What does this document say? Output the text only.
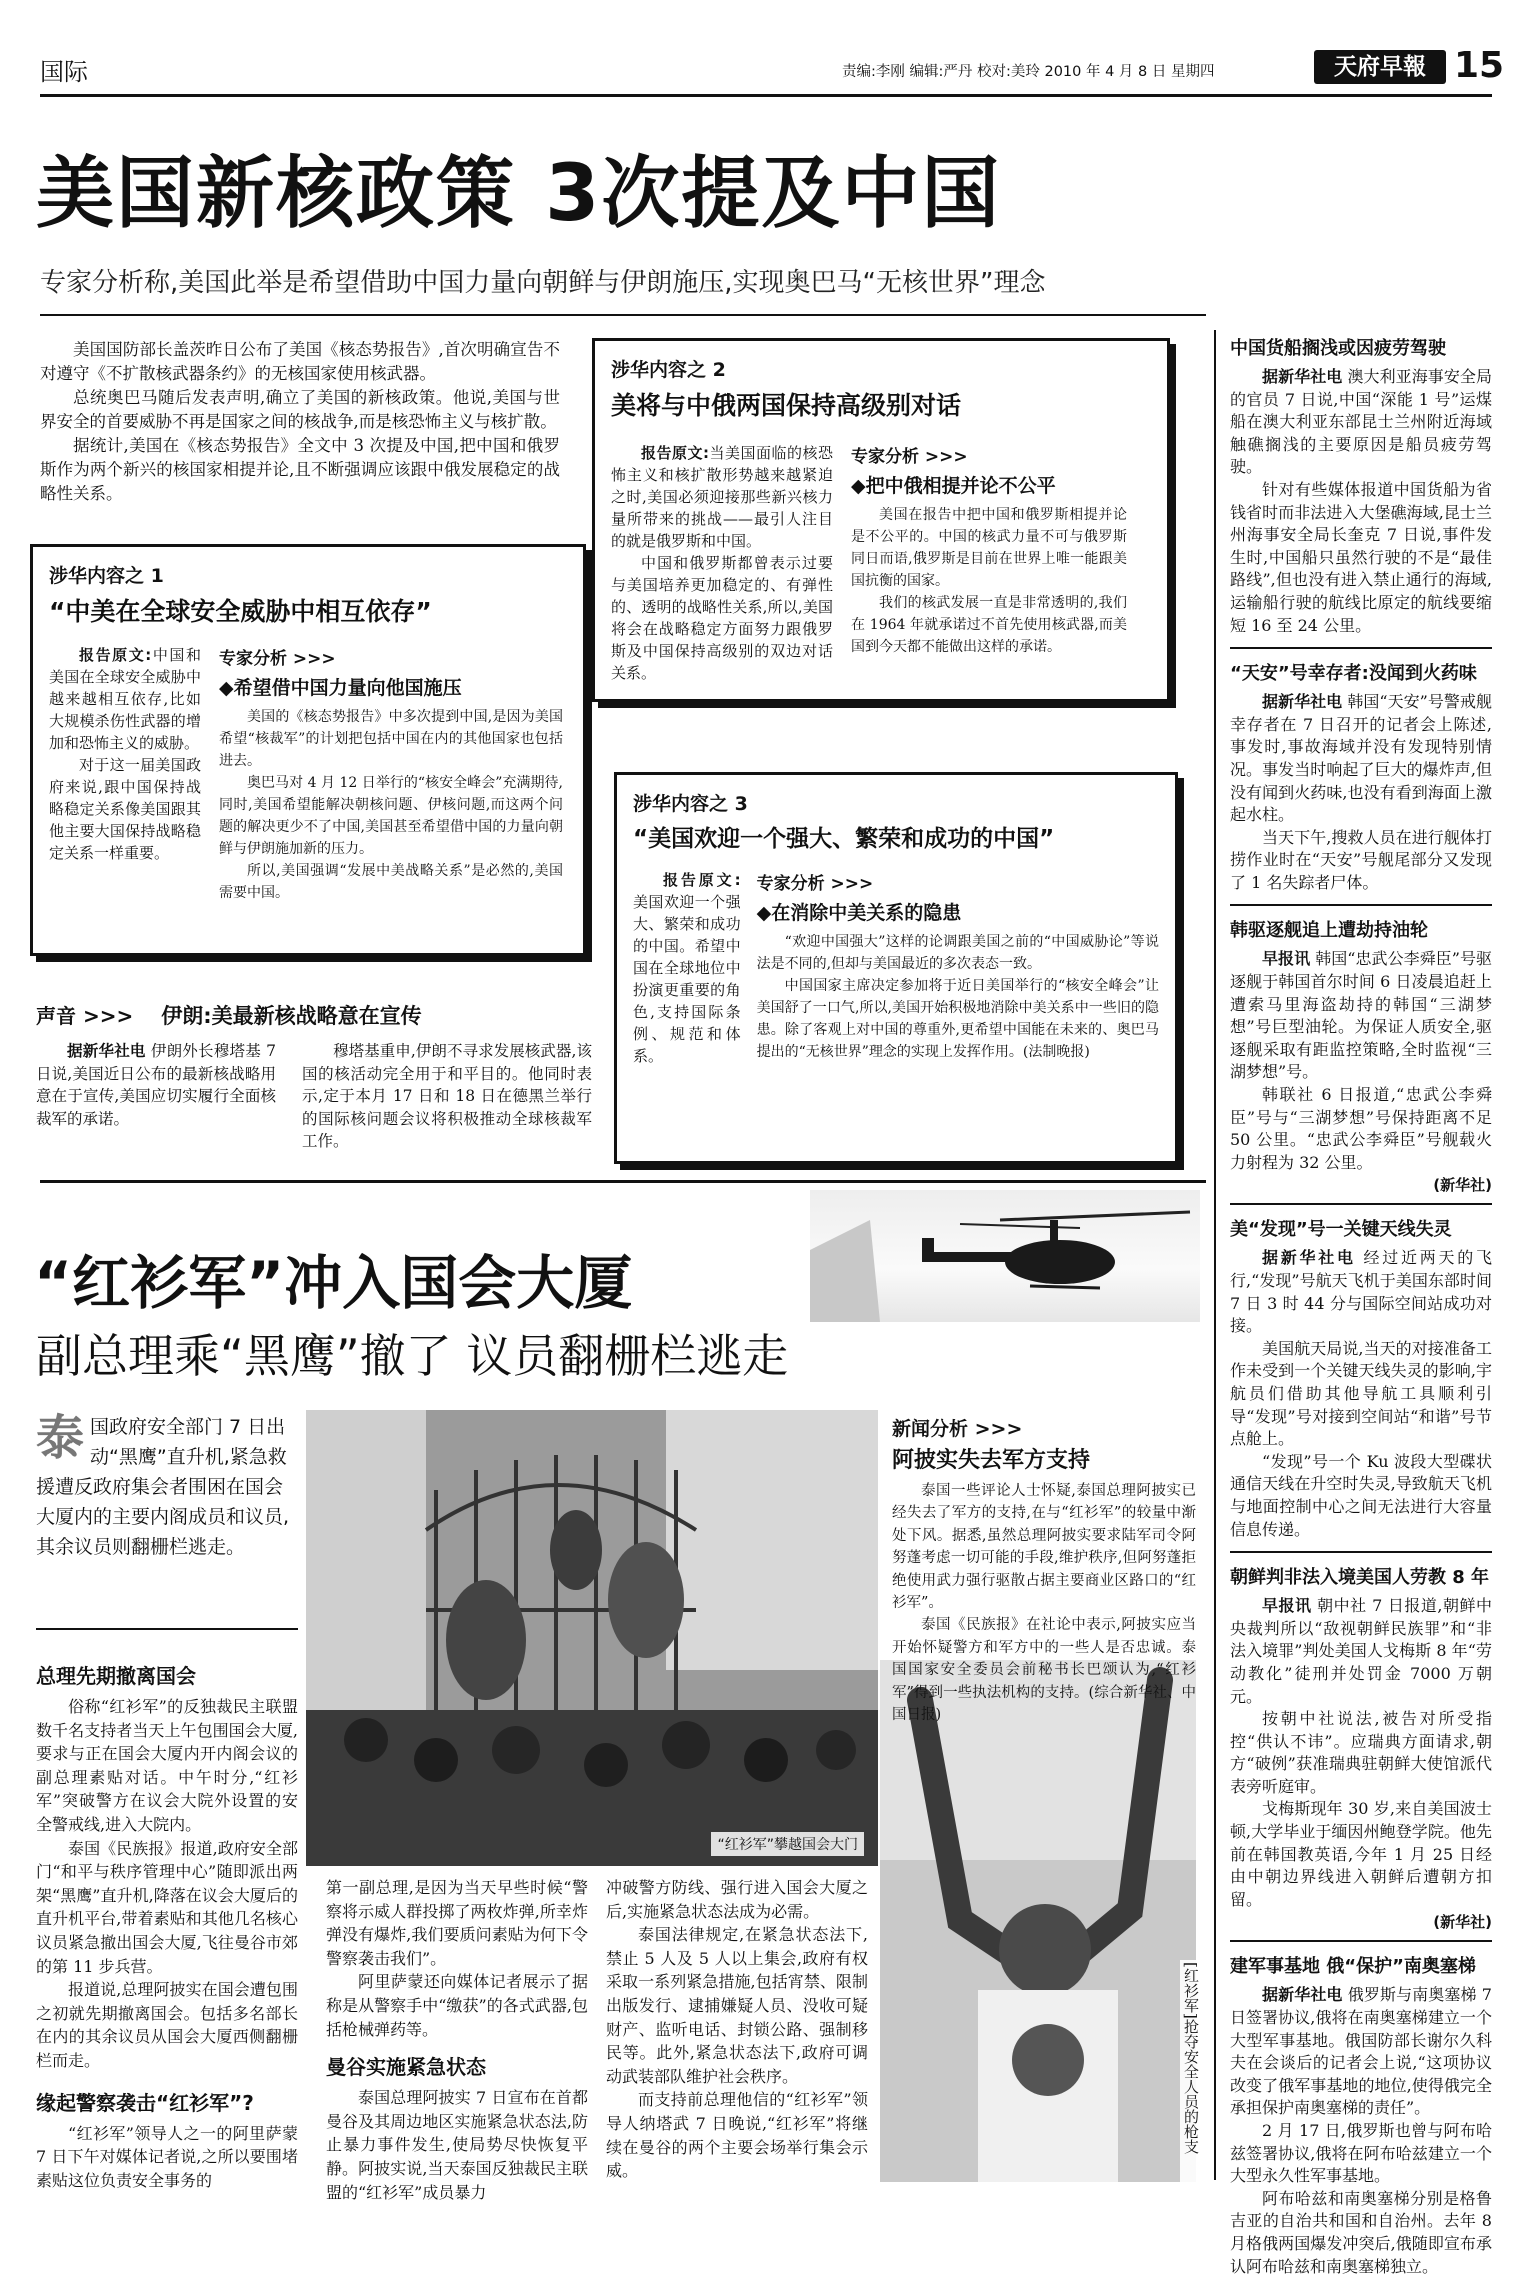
国际	责编:李刚 编辑:严丹 校对:美玲 2010 年 4 月 8 日 星期四	天府早報 15
美国新核政策 3次提及中国
专家分析称,美国此举是希望借助中国力量向朝鲜与伊朗施压,实现奥巴马“无核世界”理念

美国国防部长盖茨昨日公布了美国《核态势报告》,首次明确宣告不对遵守《不扩散核武器条约》的无核国家使用核武器。

总统奥巴马随后发表声明,确立了美国的新核政策。他说,美国与世界安全的首要威胁不再是国家之间的核战争,而是核恐怖主义与核扩散。

据统计,美国在《核态势报告》全文中 3 次提及中国,把中国和俄罗斯作为两个新兴的核国家相提并论,且不断强调应该跟中俄发展稳定的战略性关系。

涉华内容之 2
美将与中俄两国保持高级别对话

报告原文:当美国面临的核恐怖主义和核扩散形势越来越紧迫之时,美国必须迎接那些新兴核力量所带来的挑战——最引人注目的就是俄罗斯和中国。

中国和俄罗斯都曾表示过要与美国培养更加稳定的、有弹性的、透明的战略性关系,所以,美国将会在战略稳定方面努力跟俄罗斯及中国保持高级别的双边对话关系。

专家分析 >>>
◆把中俄相提并论不公平

美国在报告中把中国和俄罗斯相提并论是不公平的。中国的核武力量不可与俄罗斯同日而语,俄罗斯是目前在世界上唯一能跟美国抗衡的国家。

我们的核武发展一直是非常透明的,我们在 1964 年就承诺过不首先使用核武器,而美国到今天都不能做出这样的承诺。

涉华内容之 1
“中美在全球安全威胁中相互依存”

报告原文:中国和美国在全球安全威胁中越来越相互依存,比如大规模杀伤性武器的增加和恐怖主义的威胁。

对于这一届美国政府来说,跟中国保持战略稳定关系像美国跟其他主要大国保持战略稳定关系一样重要。

专家分析 >>>
◆希望借中国力量向他国施压

美国的《核态势报告》中多次提到中国,是因为美国希望“核裁军”的计划把包括中国在内的其他国家也包括进去。

奥巴马对 4 月 12 日举行的“核安全峰会”充满期待,同时,美国希望能解决朝核问题、伊核问题,而这两个问题的解决更少不了中国,美国甚至希望借中国的力量向朝鲜与伊朗施加新的压力。

所以,美国强调“发展中美战略关系”是必然的,美国需要中国。

涉华内容之 3
“美国欢迎一个强大、繁荣和成功的中国”

报告原文:美国欢迎一个强大、繁荣和成功的中国。希望中国在全球地位中扮演更重要的角色,支持国际条例、规范和体系。

专家分析 >>>
◆在消除中美关系的隐患

“欢迎中国强大”这样的论调跟美国之前的“中国威胁论”等说法是不同的,但却与美国最近的多次表态一致。

中国国家主席决定参加将于近日美国举行的“核安全峰会”让美国舒了一口气,所以,美国开始积极地消除中美关系中一些旧的隐患。除了客观上对中国的尊重外,更希望中国能在未来的、奥巴马提出的“无核世界”理念的实现上发挥作用。(法制晚报)

声音 >>> 伊朗:美最新核战略意在宣传

据新华社电 伊朗外长穆塔基 7 日说,美国近日公布的最新核战略用意在于宣传,美国应切实履行全面核裁军的承诺。

穆塔基重申,伊朗不寻求发展核武器,该国的核活动完全用于和平目的。他同时表示,定于本月 17 日和 18 日在德黑兰举行的国际核问题会议将积极推动全球核裁军工作。

“红衫军”冲入国会大厦
副总理乘“黑鹰”撤了 议员翻栅栏逃走
泰 国政府安全部门 7 日出动“黑鹰”直升机,紧急救援遭反政府集会者围困在国会大厦内的主要内阁成员和议员,其余议员则翻栅栏逃走。
“红衫军”攀越国会大门
[红衫军]抢夺安全人员的枪支
新闻分析 >>>
阿披实失去军方支持

泰国一些评论人士怀疑,泰国总理阿披实已经失去了军方的支持,在与“红衫军”的较量中渐处下风。据悉,虽然总理阿披实要求陆军司令阿努蓬考虑一切可能的手段,维护秩序,但阿努蓬拒绝使用武力强行驱散占据主要商业区路口的“红衫军”。

泰国《民族报》在社论中表示,阿披实应当开始怀疑警方和军方中的一些人是否忠诚。泰国国家安全委员会前秘书长巴颂认为,“红衫军”得到一些执法机构的支持。(综合新华社、中国日报)

总理先期撤离国会

俗称“红衫军”的反独裁民主联盟数千名支持者当天上午包围国会大厦,要求与正在国会大厦内开内阁会议的副总理素贴对话。中午时分,“红衫军”突破警方在议会大院外设置的安全警戒线,进入大院内。

泰国《民族报》报道,政府安全部门“和平与秩序管理中心”随即派出两架“黑鹰”直升机,降落在议会大厦后的直升机平台,带着素贴和其他几名核心议员紧急撤出国会大厦,飞往曼谷市郊的第 11 步兵营。

报道说,总理阿披实在国会遭包围之初就先期撤离国会。包括多名部长在内的其余议员从国会大厦西侧翻栅栏而走。

缘起警察袭击“红衫军”?

“红衫军”领导人之一的阿里萨蒙 7 日下午对媒体记者说,之所以要围堵素贴这位负责安全事务的

第一副总理,是因为当天早些时候“警察将示威人群投掷了两枚炸弹,所幸炸弹没有爆炸,我们要质问素贴为何下令警察袭击我们”。

阿里萨蒙还向媒体记者展示了据称是从警察手中“缴获”的各式武器,包括枪械弹药等。

曼谷实施紧急状态

泰国总理阿披实 7 日宣布在首都曼谷及其周边地区实施紧急状态法,防止暴力事件发生,使局势尽快恢复平静。阿披实说,当天泰国反独裁民主联盟的“红衫军”成员暴力

冲破警方防线、强行进入国会大厦之后,实施紧急状态法成为必需。

泰国法律规定,在紧急状态法下,禁止 5 人及 5 人以上集会,政府有权采取一系列紧急措施,包括宵禁、限制出版发行、逮捕嫌疑人员、没收可疑财产、监听电话、封锁公路、强制移民等。此外,紧急状态法下,政府可调动武装部队维护社会秩序。

而支持前总理他信的“红衫军”领导人纳塔武 7 日晚说,“红衫军”将继续在曼谷的两个主要会场举行集会示威。

中国货船搁浅或因疲劳驾驶

据新华社电 澳大利亚海事安全局的官员 7 日说,中国“深能 1 号”运煤船在澳大利亚东部昆士兰州附近海域触礁搁浅的主要原因是船员疲劳驾驶。

针对有些媒体报道中国货船为省钱省时而非法进入大堡礁海域,昆士兰州海事安全局长奎克 7 日说,事件发生时,中国船只虽然行驶的不是“最佳路线”,但也没有进入禁止通行的海域,运输船行驶的航线比原定的航线要缩短 16 至 24 公里。

“天安”号幸存者:没闻到火药味

据新华社电 韩国“天安”号警戒舰幸存者在 7 日召开的记者会上陈述,事发时,事故海域并没有发现特别情况。事发当时响起了巨大的爆炸声,但没有闻到火药味,也没有看到海面上激起水柱。

当天下午,搜救人员在进行舰体打捞作业时在“天安”号舰尾部分又发现了 1 名失踪者尸体。

韩驱逐舰追上遭劫持油轮

早报讯 韩国“忠武公李舜臣”号驱逐舰于韩国首尔时间 6 日凌晨追赶上遭索马里海盗劫持的韩国“三湖梦想”号巨型油轮。为保证人质安全,驱逐舰采取有距监控策略,全时监视“三湖梦想”号。

韩联社 6 日报道,“忠武公李舜臣”号与“三湖梦想”号保持距离不足 50 公里。“忠武公李舜臣”号舰载火力射程为 32 公里。

(新华社)
美“发现”号一关键天线失灵

据新华社电 经过近两天的飞行,“发现”号航天飞机于美国东部时间 7 日 3 时 44 分与国际空间站成功对接。

美国航天局说,当天的对接准备工作未受到一个关键天线失灵的影响,宇航员们借助其他导航工具顺利引导“发现”号对接到空间站“和谐”号节点舱上。

“发现”号一个 Ku 波段大型碟状通信天线在升空时失灵,导致航天飞机与地面控制中心之间无法进行大容量信息传递。

朝鲜判非法入境美国人劳教 8 年

早报讯 朝中社 7 日报道,朝鲜中央裁判所以“敌视朝鲜民族罪”和“非法入境罪”判处美国人戈梅斯 8 年“劳动教化”徒刑并处罚金 7000 万朝元。

按朝中社说法,被告对所受指控“供认不讳”。应瑞典方面请求,朝方“破例”获准瑞典驻朝鲜大使馆派代表旁听庭审。

戈梅斯现年 30 岁,来自美国波士顿,大学毕业于缅因州鲍登学院。他先前在韩国教英语,今年 1 月 25 日经由中朝边界线进入朝鲜后遭朝方扣留。

(新华社)
建军事基地 俄“保护”南奥塞梯

据新华社电 俄罗斯与南奥塞梯 7 日签署协议,俄将在南奥塞梯建立一个大型军事基地。俄国防部长谢尔久科夫在会谈后的记者会上说,“这项协议改变了俄军事基地的地位,使得俄完全承担保护南奥塞梯的责任”。

2 月 17 日,俄罗斯也曾与阿布哈兹签署协议,俄将在阿布哈兹建立一个大型永久性军事基地。

阿布哈兹和南奥塞梯分别是格鲁吉亚的自治共和国和自治州。去年 8 月格俄两国爆发冲突后,俄随即宣布承认阿布哈兹和南奥塞梯独立。
